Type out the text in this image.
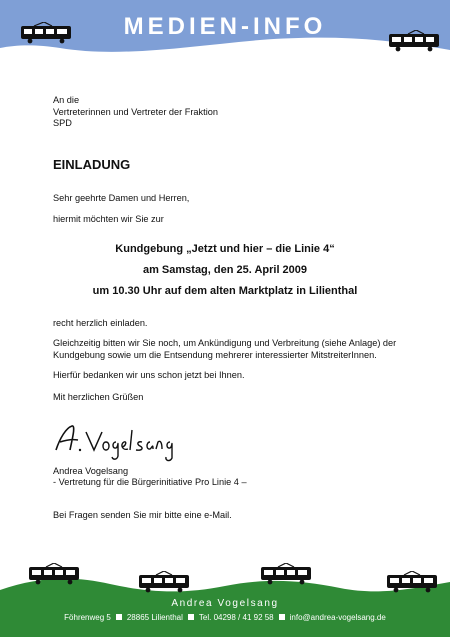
MEDIEN-INFO
An die
Vertreterinnen und Vertreter der Fraktion
SPD
EINLADUNG
Sehr geehrte Damen und Herren,
hiermit möchten wir Sie zur
Kundgebung „Jetzt und hier – die Linie 4“
am Samstag, den 25. April 2009
um 10.30 Uhr auf dem alten Marktplatz in Lilienthal
recht herzlich einladen.
Gleichzeitig bitten wir Sie noch, um Ankündigung und Verbreitung (siehe Anlage) der Kundgebung sowie um die Entsendung mehrerer interessierter MitstreiterInnen.
Hierfür bedanken wir uns schon jetzt bei Ihnen.
Mit herzlichen Grüßen
Andrea Vogelsang
- Vertretung für die Bürgerinitiative Pro Linie 4 –
Bei Fragen senden Sie mir bitte eine e-Mail.
Andrea Vogelsang
Föhrenweg 5 28865 Lilienthal Tel. 04298 / 41 92 58 info@andrea-vogelsang.de
